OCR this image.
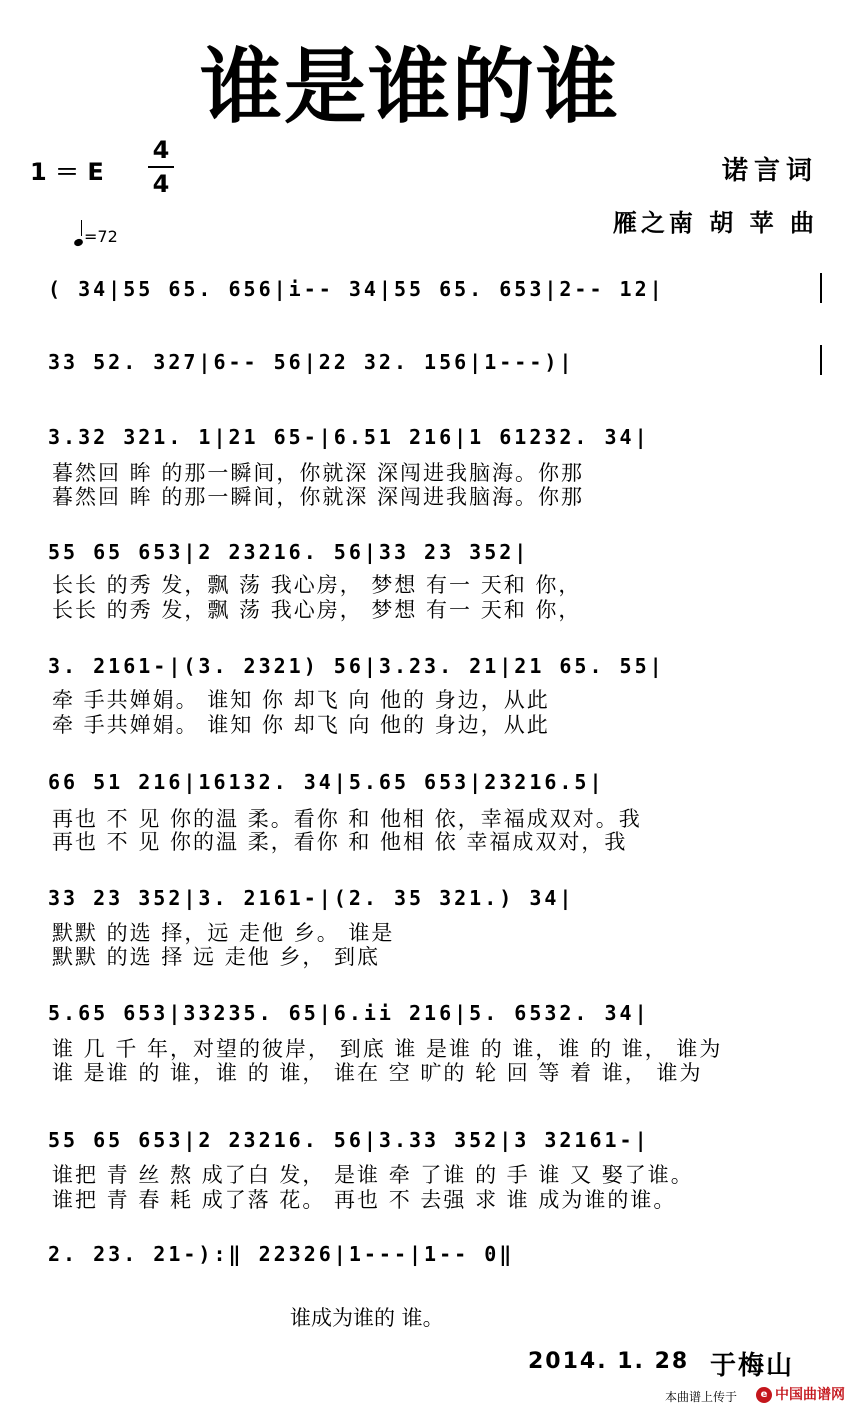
谁是谁的谁
1 ＝ E
4
4
=72
诺言词
雁之南 胡 苹 曲
( 34|55 65. 656|i-- 34|55 65. 653|2-- 12|
33 52. 327|6-- 56|22 32. 156|1---)|
3.32 321. 1|21 65-|6.51 216|1 61232. 34|
暮然回 眸 的那一瞬间，你就深 深闯进我脑海。你那
暮然回 眸 的那一瞬间，你就深 深闯进我脑海。你那
55 65 653|2 23216. 56|33 23 352|
长长 的秀 发，飘 荡 我心房， 梦想 有一 天和 你，
长长 的秀 发，飘 荡 我心房， 梦想 有一 天和 你，
3. 2161-|(3. 2321) 56|3.23. 21|21 65. 55|
牵 手共婵娟。 谁知 你 却飞 向 他的 身边，从此
牵 手共婵娟。 谁知 你 却飞 向 他的 身边，从此
66 51 216|16132. 34|5.65 653|23216.5|
再也 不 见 你的温 柔。看你 和 他相 依，幸福成双对。我
再也 不 见 你的温 柔，看你 和 他相 依 幸福成双对，我
33 23 352|3. 2161-|(2. 35 321.) 34|
默默 的选 择，远 走他 乡。 谁是
默默 的选 择 远 走他 乡， 到底
5.65 653|33235. 65|6.ii 216|5. 6532. 34|
谁 几 千 年，对望的彼岸， 到底 谁 是谁 的 谁，谁 的 谁， 谁为
谁 是谁 的 谁，谁 的 谁， 谁在 空 旷的 轮 回 等 着 谁， 谁为
55 65 653|2 23216. 56|3.33 352|3 32161-|
谁把 青 丝 熬 成了白 发， 是谁 牵 了谁 的 手 谁 又 娶了谁。
谁把 青 春 耗 成了落 花。 再也 不 去强 求 谁 成为谁的谁。
2. 23. 21-):‖ 22326|1---|1-- 0‖
谁成为谁的 谁。
2014. 1. 28 于梅山
本曲谱上传于	e 中国曲谱网
